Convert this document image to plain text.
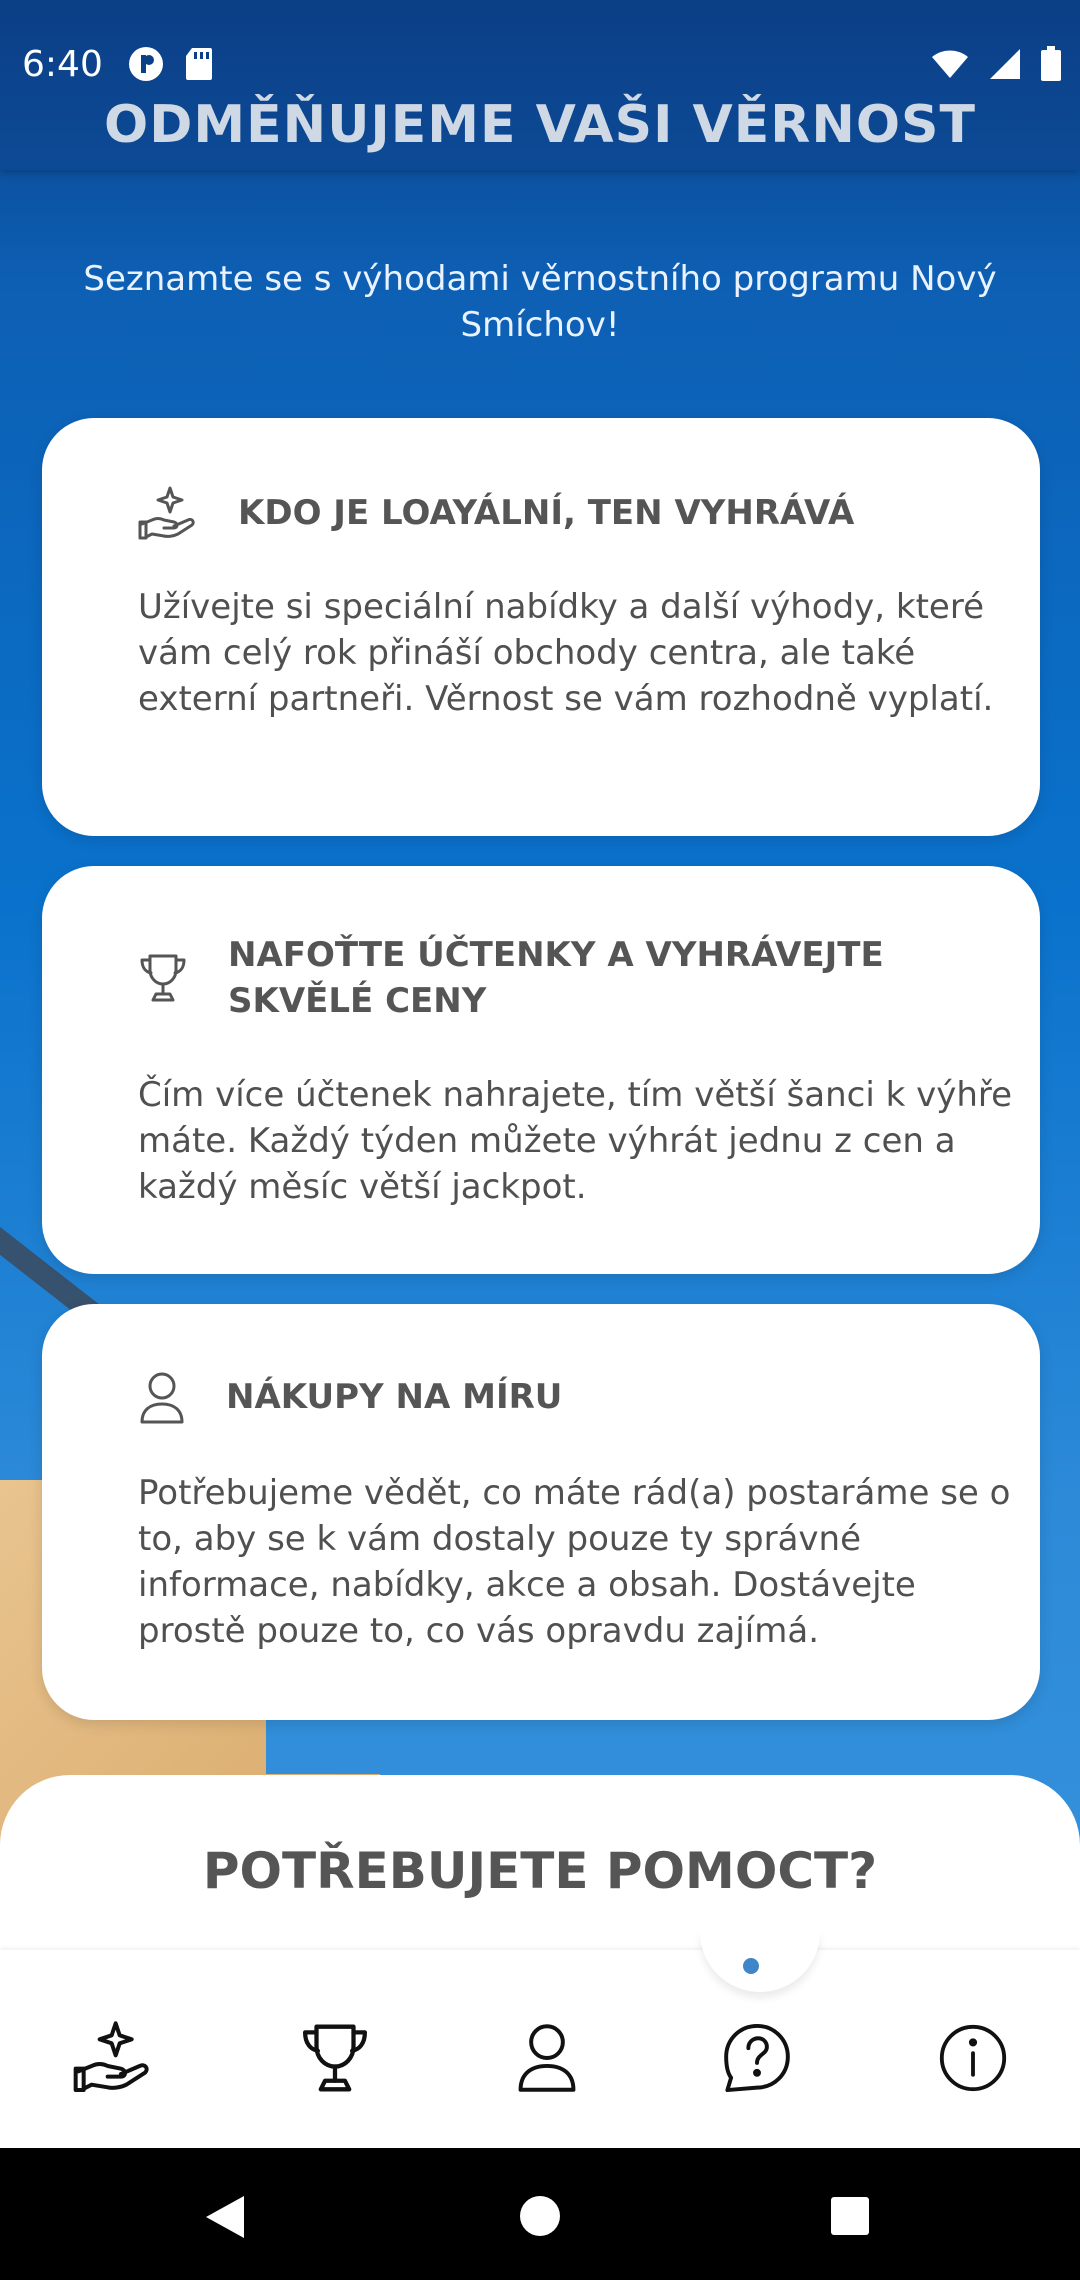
6:40
ODMĚŇUJEME VAŠI VĚRNOST
Seznamte se s výhodami věrnostního programu Nový Smíchov!
KDO JE LOAYÁLNÍ, TEN VYHRÁVÁ
Užívejte si speciální nabídky a další výhody, které vám celý rok přináší obchody centra, ale také externí partneři. Věrnost se vám rozhodně vyplatí.
NAFOŤTE ÚČTENKY A VYHRÁVEJTE SKVĚLÉ CENY
Čím více účtenek nahrajete, tím větší šanci k výhře máte. Každý týden můžete výhrát jednu z cen a každý měsíc větší jackpot.
NÁKUPY NA MÍRU
Potřebujeme vědět, co máte rád(a) postaráme se o to, aby se k vám dostaly pouze ty správné informace, nabídky, akce a obsah. Dostávejte prostě pouze to, co vás opravdu zajímá.
POTŘEBUJETE POMOCT?
